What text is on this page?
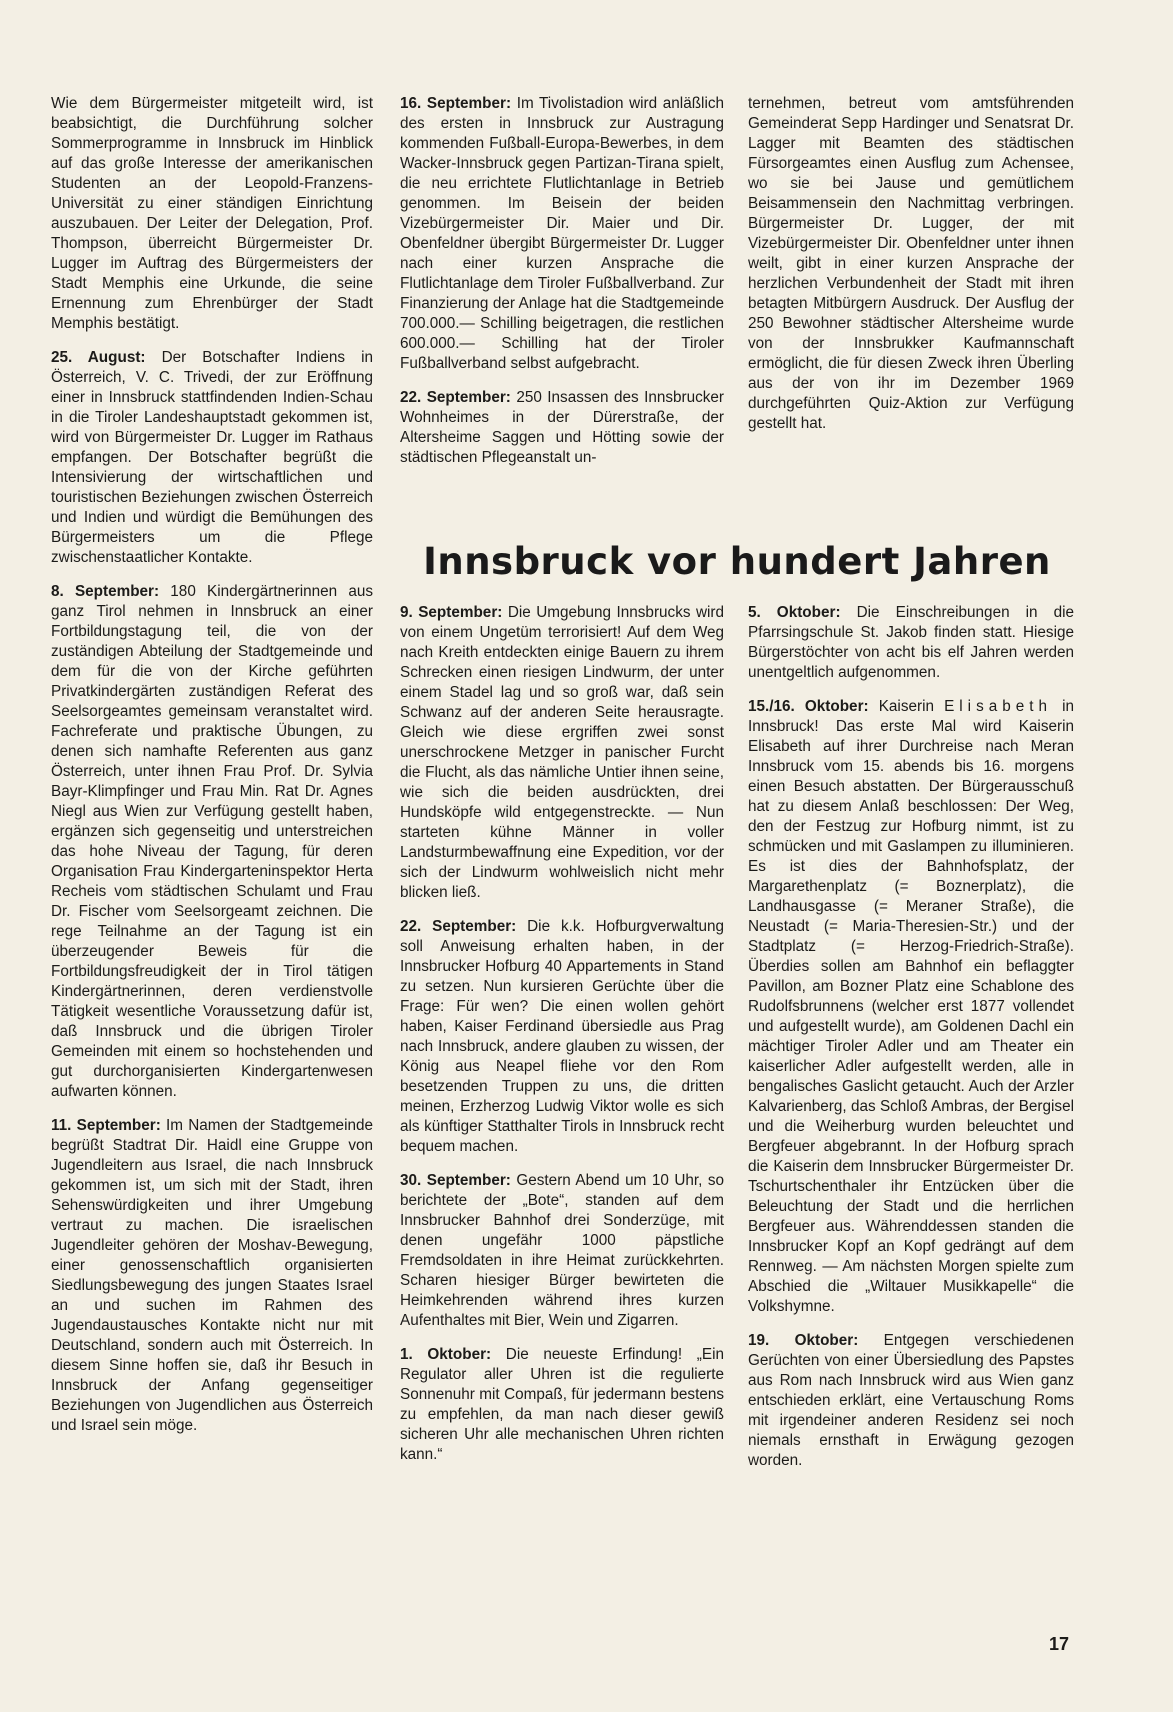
Wie dem Bürgermeister mitgeteilt wird, ist beabsichtigt, die Durchführung solcher Sommerprogramme in Innsbruck im Hinblick auf das große Interesse der amerikanischen Studenten an der Leopold-Franzens-Universität zu einer ständigen Einrichtung auszubauen. Der Leiter der Delegation, Prof. Thompson, überreicht Bürgermeister Dr. Lugger im Auftrag des Bürgermeisters der Stadt Memphis eine Urkunde, die seine Ernennung zum Ehrenbürger der Stadt Memphis bestätigt.

25. August: Der Botschafter Indiens in Österreich, V. C. Trivedi, der zur Eröffnung einer in Innsbruck stattfindenden Indien-Schau in die Tiroler Landeshauptstadt gekommen ist, wird von Bürgermeister Dr. Lugger im Rathaus empfangen. Der Botschafter begrüßt die Intensivierung der wirtschaftlichen und touristischen Beziehungen zwischen Österreich und Indien und würdigt die Bemühungen des Bürgermeisters um die Pflege zwischenstaatlicher Kontakte.

8. September: 180 Kindergärtnerinnen aus ganz Tirol nehmen in Innsbruck an einer Fortbildungstagung teil, die von der zuständigen Abteilung der Stadtgemeinde und dem für die von der Kirche geführten Privatkindergärten zuständigen Referat des Seelsorgeamtes gemeinsam veranstaltet wird. Fachreferate und praktische Übungen, zu denen sich namhafte Referenten aus ganz Österreich, unter ihnen Frau Prof. Dr. Sylvia Bayr-Klimpfinger und Frau Min. Rat Dr. Agnes Niegl aus Wien zur Verfügung gestellt haben, ergänzen sich gegenseitig und unterstreichen das hohe Niveau der Tagung, für deren Organisation Frau Kindergarteninspektor Herta Recheis vom städtischen Schulamt und Frau Dr. Fischer vom Seelsorgeamt zeichnen. Die rege Teilnahme an der Tagung ist ein überzeugender Beweis für die Fortbildungsfreudigkeit der in Tirol tätigen Kindergärtnerinnen, deren verdienstvolle Tätigkeit wesentliche Voraussetzung dafür ist, daß Innsbruck und die übrigen Tiroler Gemeinden mit einem so hochstehenden und gut durchorganisierten Kindergartenwesen aufwarten können.

11. September: Im Namen der Stadtgemeinde begrüßt Stadtrat Dir. Haidl eine Gruppe von Jugendleitern aus Israel, die nach Innsbruck gekommen ist, um sich mit der Stadt, ihren Sehenswürdigkeiten und ihrer Umgebung vertraut zu machen. Die israelischen Jugendleiter gehören der Moshav-Bewegung, einer genossenschaftlich organisierten Siedlungsbewegung des jungen Staates Israel an und suchen im Rahmen des Jugendaustausches Kontakte nicht nur mit Deutschland, sondern auch mit Österreich. In diesem Sinne hoffen sie, daß ihr Besuch in Innsbruck der Anfang gegenseitiger Beziehungen von Jugendlichen aus Österreich und Israel sein möge.

16. September: Im Tivolistadion wird anläßlich des ersten in Innsbruck zur Austragung kommenden Fußball-Europa-Bewerbes, in dem Wacker-Innsbruck gegen Partizan-Tirana spielt, die neu errichtete Flutlichtanlage in Betrieb genommen. Im Beisein der beiden Vizebürgermeister Dir. Maier und Dir. Obenfeldner übergibt Bürgermeister Dr. Lugger nach einer kurzen Ansprache die Flutlichtanlage dem Tiroler Fußballverband. Zur Finanzierung der Anlage hat die Stadtgemeinde 700.000.— Schilling beigetragen, die restlichen 600.000.— Schilling hat der Tiroler Fußballverband selbst aufgebracht.

22. September: 250 Insassen des Innsbrucker Wohnheimes in der Dürerstraße, der Altersheime Saggen und Hötting sowie der städtischen Pflegeanstalt un-

ternehmen, betreut vom amtsführenden Gemeinderat Sepp Hardinger und Senatsrat Dr. Lagger mit Beamten des städtischen Fürsorgeamtes einen Ausflug zum Achensee, wo sie bei Jause und gemütlichem Beisammensein den Nachmittag verbringen. Bürgermeister Dr. Lugger, der mit Vizebürgermeister Dir. Obenfeldner unter ihnen weilt, gibt in einer kurzen Ansprache der herzlichen Verbundenheit der Stadt mit ihren betagten Mitbürgern Ausdruck. Der Ausflug der 250 Bewohner städtischer Altersheime wurde von der Innsbrukker Kaufmannschaft ermöglicht, die für diesen Zweck ihren Überling aus der von ihr im Dezember 1969 durchgeführten Quiz-Aktion zur Verfügung gestellt hat.

Innsbruck vor hundert Jahren

9. September: Die Umgebung Innsbrucks wird von einem Ungetüm terrorisiert! Auf dem Weg nach Kreith entdeckten einige Bauern zu ihrem Schrecken einen riesigen Lindwurm, der unter einem Stadel lag und so groß war, daß sein Schwanz auf der anderen Seite herausragte. Gleich wie diese ergriffen zwei sonst unerschrockene Metzger in panischer Furcht die Flucht, als das nämliche Untier ihnen seine, wie sich die beiden ausdrückten, drei Hundsköpfe wild entgegenstreckte. — Nun starteten kühne Männer in voller Landsturmbewaffnung eine Expedition, vor der sich der Lindwurm wohlweislich nicht mehr blicken ließ.

22. September: Die k.k. Hofburgverwaltung soll Anweisung erhalten haben, in der Innsbrucker Hofburg 40 Appartements in Stand zu setzen. Nun kursieren Gerüchte über die Frage: Für wen? Die einen wollen gehört haben, Kaiser Ferdinand übersiedle aus Prag nach Innsbruck, andere glauben zu wissen, der König aus Neapel fliehe vor den Rom besetzenden Truppen zu uns, die dritten meinen, Erzherzog Ludwig Viktor wolle es sich als künftiger Statthalter Tirols in Innsbruck recht bequem machen.

30. September: Gestern Abend um 10 Uhr, so berichtete der „Bote“, standen auf dem Innsbrucker Bahnhof drei Sonderzüge, mit denen ungefähr 1000 päpstliche Fremdsoldaten in ihre Heimat zurückkehrten. Scharen hiesiger Bürger bewirteten die Heimkehrenden während ihres kurzen Aufenthaltes mit Bier, Wein und Zigarren.

1. Oktober: Die neueste Erfindung! „Ein Regulator aller Uhren ist die regulierte Sonnenuhr mit Compaß, für jedermann bestens zu empfehlen, da man nach dieser gewiß sicheren Uhr alle mechanischen Uhren richten kann.“

5. Oktober: Die Einschreibungen in die Pfarrsingschule St. Jakob finden statt. Hiesige Bürgerstöchter von acht bis elf Jahren werden unentgeltlich aufgenommen.

15./16. Oktober: Kaiserin Elisabeth in Innsbruck! Das erste Mal wird Kaiserin Elisabeth auf ihrer Durchreise nach Meran Innsbruck vom 15. abends bis 16. morgens einen Besuch abstatten. Der Bürgerausschuß hat zu diesem Anlaß beschlossen: Der Weg, den der Festzug zur Hofburg nimmt, ist zu schmücken und mit Gaslampen zu illuminieren. Es ist dies der Bahnhofsplatz, der Margarethenplatz (= Boznerplatz), die Landhausgasse (= Meraner Straße), die Neustadt (= Maria-Theresien-Str.) und der Stadtplatz (= Herzog-Friedrich-Straße). Überdies sollen am Bahnhof ein beflaggter Pavillon, am Bozner Platz eine Schablone des Rudolfsbrunnens (welcher erst 1877 vollendet und aufgestellt wurde), am Goldenen Dachl ein mächtiger Tiroler Adler und am Theater ein kaiserlicher Adler aufgestellt werden, alle in bengalisches Gaslicht getaucht. Auch der Arzler Kalvarienberg, das Schloß Ambras, der Bergisel und die Weiherburg wurden beleuchtet und Bergfeuer abgebrannt. In der Hofburg sprach die Kaiserin dem Innsbrucker Bürgermeister Dr. Tschurtschenthaler ihr Entzücken über die Beleuchtung der Stadt und die herrlichen Bergfeuer aus. Währenddessen standen die Innsbrucker Kopf an Kopf gedrängt auf dem Rennweg. — Am nächsten Morgen spielte zum Abschied die „Wiltauer Musikkapelle“ die Volkshymne.

19. Oktober: Entgegen verschiedenen Gerüchten von einer Übersiedlung des Papstes aus Rom nach Innsbruck wird aus Wien ganz entschieden erklärt, eine Vertauschung Roms mit irgendeiner anderen Residenz sei noch niemals ernsthaft in Erwägung gezogen worden.

17
